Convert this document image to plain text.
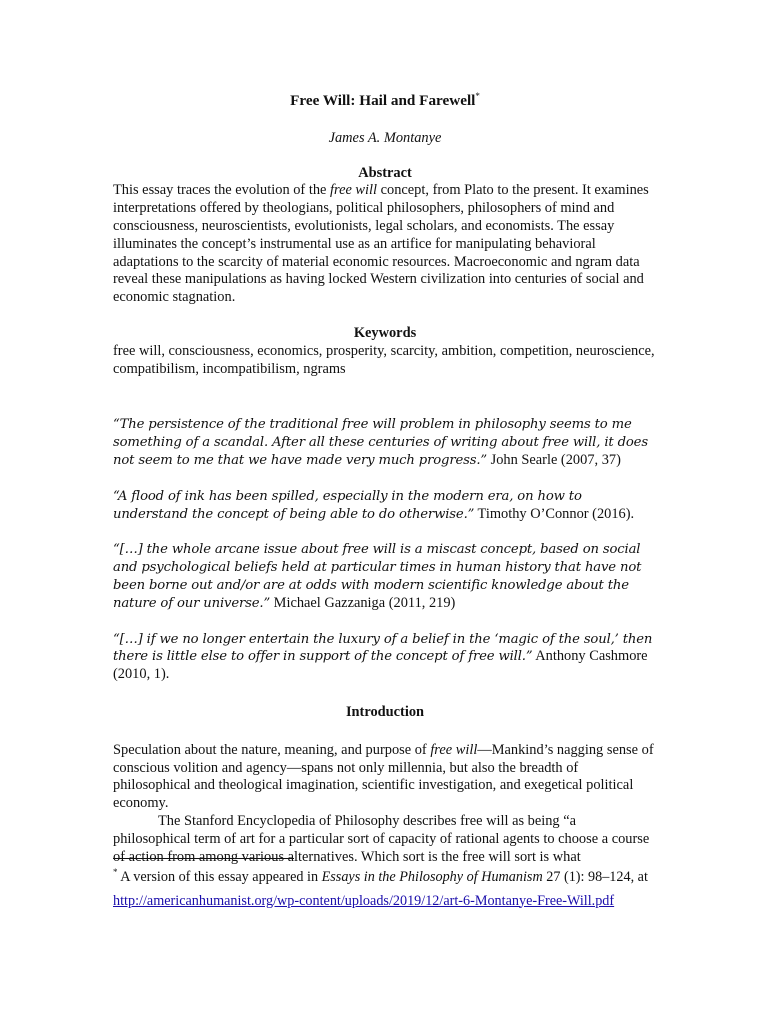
Free Will: Hail and Farewell*
James A. Montanye
Abstract

This essay traces the evolution of the free will concept, from Plato to the present. It examines interpretations offered by theologians, political philosophers, philosophers of mind and consciousness, neuroscientists, evolutionists, legal scholars, and economists. The essay illuminates the concept’s instrumental use as an artifice for manipulating behavioral adaptations to the scarcity of material economic resources. Macroeconomic and ngram data reveal these manipulations as having locked Western civilization into centuries of social and economic stagnation.

Keywords

free will, consciousness, economics, prosperity, scarcity, ambition, competition, neuroscience, compatibilism, incompatibilism, ngrams

“The persistence of the traditional free will problem in philosophy seems to me something of a scandal. After all these centuries of writing about free will, it does not seem to me that we have made very much progress.” John Searle (2007, 37)

“A flood of ink has been spilled, especially in the modern era, on how to understand the concept of being able to do otherwise.” Timothy O’Connor (2016).

“[…] the whole arcane issue about free will is a miscast concept, based on social and psychological beliefs held at particular times in human history that have not been borne out and/or are at odds with modern scientific knowledge about the nature of our universe.” Michael Gazzaniga (2011, 219)

“[…] if we no longer entertain the luxury of a belief in the ‘magic of the soul,’ then there is little else to offer in support of the concept of free will.” Anthony Cashmore (2010, 1).

Introduction

Speculation about the nature, meaning, and purpose of free will—Mankind’s nagging sense of conscious volition and agency—spans not only millennia, but also the breadth of philosophical and theological imagination, scientific investigation, and exegetical political economy.

The Stanford Encyclopedia of Philosophy describes free will as being “a philosophical term of art for a particular sort of capacity of rational agents to choose a course of action from among various alternatives. Which sort is the free will sort is what

* A version of this essay appeared in Essays in the Philosophy of Humanism 27 (1): 98–124, at http://americanhumanist.org/wp-content/uploads/2019/12/art-6-Montanye-Free-Will.pdf
